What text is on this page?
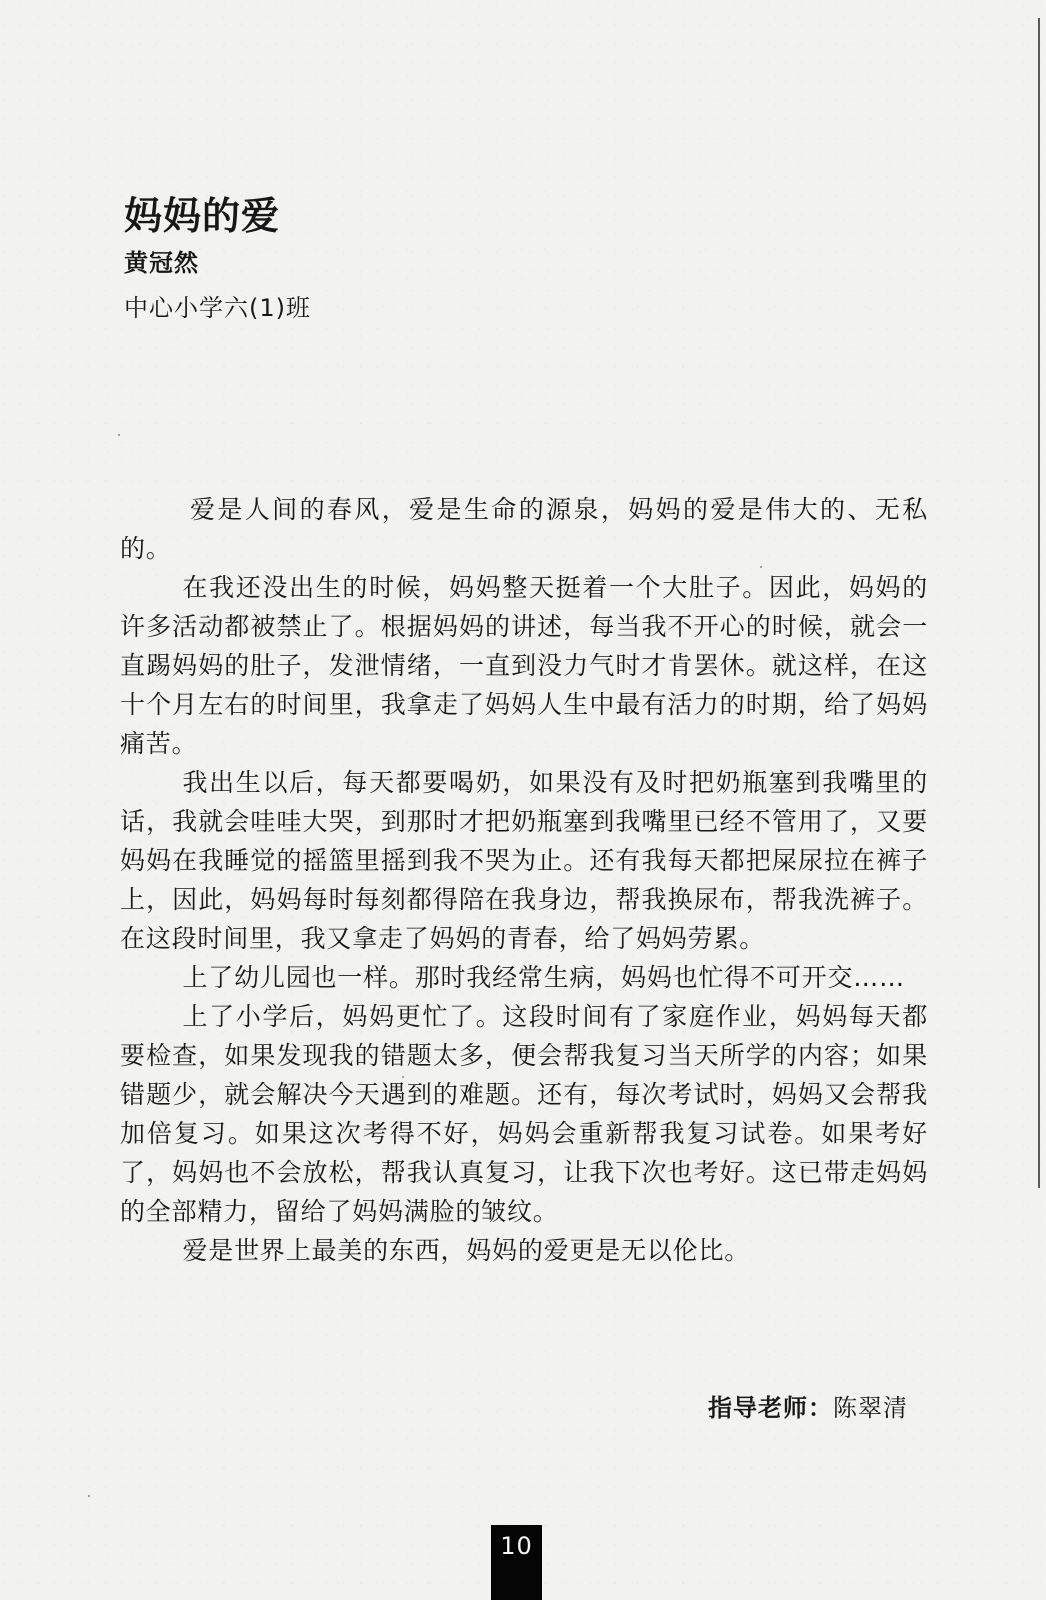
妈妈的爱
黄冠然
中心小学六(1)班

爱是人间的春风，爱是生命的源泉，妈妈的爱是伟大的、无私的。

在我还没出生的时候，妈妈整天挺着一个大肚子。因此，妈妈的许多活动都被禁止了。根据妈妈的讲述，每当我不开心的时候，就会一直踢妈妈的肚子，发泄情绪，一直到没力气时才肯罢休。就这样，在这十个月左右的时间里，我拿走了妈妈人生中最有活力的时期，给了妈妈痛苦。

我出生以后，每天都要喝奶，如果没有及时把奶瓶塞到我嘴里的话，我就会哇哇大哭，到那时才把奶瓶塞到我嘴里已经不管用了，又要妈妈在我睡觉的摇篮里摇到我不哭为止。还有我每天都把屎尿拉在裤子上，因此，妈妈每时每刻都得陪在我身边，帮我换尿布，帮我洗裤子。在这段时间里，我又拿走了妈妈的青春，给了妈妈劳累。

上了幼儿园也一样。那时我经常生病，妈妈也忙得不可开交……

上了小学后，妈妈更忙了。这段时间有了家庭作业，妈妈每天都要检查，如果发现我的错题太多，便会帮我复习当天所学的内容；如果错题少，就会解决今天遇到的难题。还有，每次考试时，妈妈又会帮我加倍复习。如果这次考得不好，妈妈会重新帮我复习试卷。如果考好了，妈妈也不会放松，帮我认真复习，让我下次也考好。这已带走妈妈的全部精力，留给了妈妈满脸的皱纹。

爱是世界上最美的东西，妈妈的爱更是无以伦比。

指导老师：陈翠清
10
